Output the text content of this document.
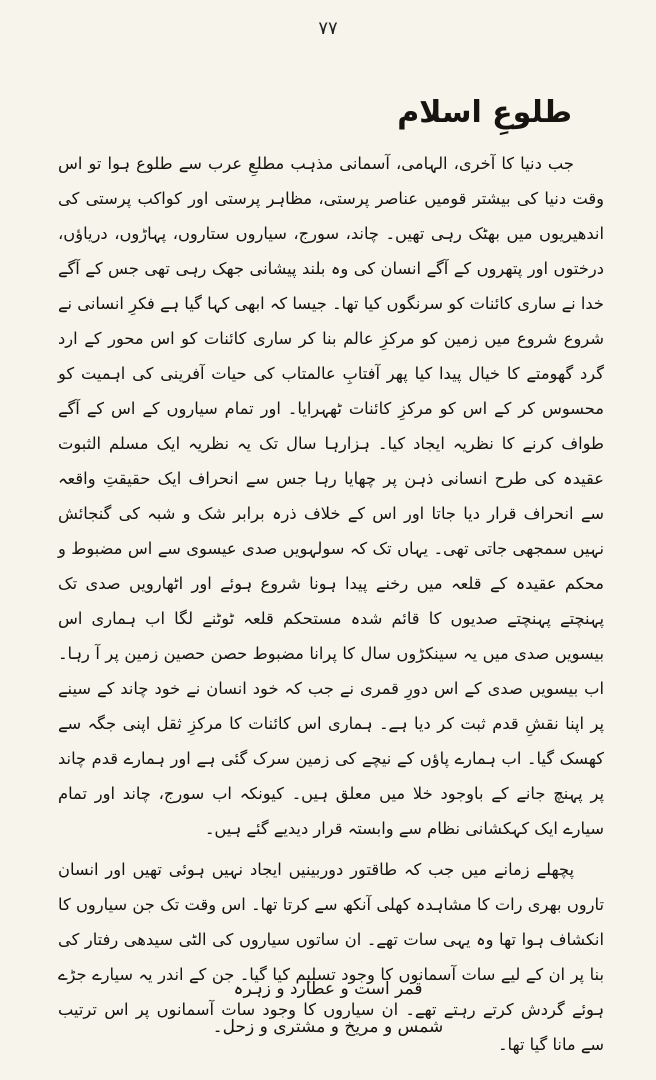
۷۷
طلوعِ اسلام

جب دنیا کا آخری، الہامی، آسمانی مذہب مطلعِ عرب سے طلوع ہوا تو اس وقت دنیا کی بیشتر قومیں عناصر پرستی، مظاہر پرستی اور کواکب پرستی کی اندھیریوں میں بھٹک رہی تھیں۔ چاند، سورج، سیاروں ستاروں، پہاڑوں، دریاؤں، درختوں اور پتھروں کے آگے انسان کی وہ بلند پیشانی جھک رہی تھی جس کے آگے خدا نے ساری کائنات کو سرنگوں کیا تھا۔ جیسا کہ ابھی کہا گیا ہے فکرِ انسانی نے شروع شروع میں زمین کو مرکزِ عالم بنا کر ساری کائنات کو اس محور کے ارد گرد گھومتے کا خیال پیدا کیا پھر آفتابِ عالمتاب کی حیات آفرینی کی اہمیت کو محسوس کر کے اس کو مرکزِ کائنات ٹھہرایا۔ اور تمام سیاروں کے اس کے آگے طواف کرنے کا نظریہ ایجاد کیا۔ ہزارہا سال تک یہ نظریہ ایک مسلم الثبوت عقیدہ کی طرح انسانی ذہن پر چھایا رہا جس سے انحراف ایک حقیقتِ واقعہ سے انحراف قرار دیا جاتا اور اس کے خلاف ذرہ برابر شک و شبہ کی گنجائش نہیں سمجھی جاتی تھی۔ یہاں تک کہ سولہویں صدی عیسوی سے اس مضبوط و محکم عقیدہ کے قلعہ میں رخنے پیدا ہونا شروع ہوئے اور اٹھارویں صدی تک پہنچتے پہنچتے صدیوں کا قائم شدہ مستحکم قلعہ ٹوٹنے لگا اب ہماری اس بیسویں صدی میں یہ سینکڑوں سال کا پرانا مضبوط حصن حصین زمین پر آ رہا۔ اب بیسویں صدی کے اس دورِ قمری نے جب کہ خود انسان نے خود چاند کے سینے پر اپنا نقشِ قدم ثبت کر دیا ہے۔ ہماری اس کائنات کا مرکزِ ثقل اپنی جگہ سے کھسک گیا۔ اب ہمارے پاؤں کے نیچے کی زمین سرک گئی ہے اور ہمارے قدم چاند پر پہنچ جانے کے باوجود خلا میں معلق ہیں۔ کیونکہ اب سورج، چاند اور تمام سیارے ایک کہکشانی نظام سے وابستہ قرار دیدیے گئے ہیں۔

پچھلے زمانے میں جب کہ طاقتور دوربینیں ایجاد نہیں ہوئی تھیں اور انسان تاروں بھری رات کا مشاہدہ کھلی آنکھ سے کرتا تھا۔ اس وقت تک جن سیاروں کا انکشاف ہوا تھا وہ یہی سات تھے۔ ان ساتوں سیاروں کی الٹی سیدھی رفتار کی بنا پر ان کے لیے سات آسمانوں کا وجود تسلیم کیا گیا۔ جن کے اندر یہ سیارے جڑے ہوئے گردش کرتے رہتے تھے۔ ان سیاروں کا وجود سات آسمانوں پر اس ترتیب سے مانا گیا تھا۔

قمر است و عطارد و زہرہ

شمس و مریخ و مشتری و زحل۔
